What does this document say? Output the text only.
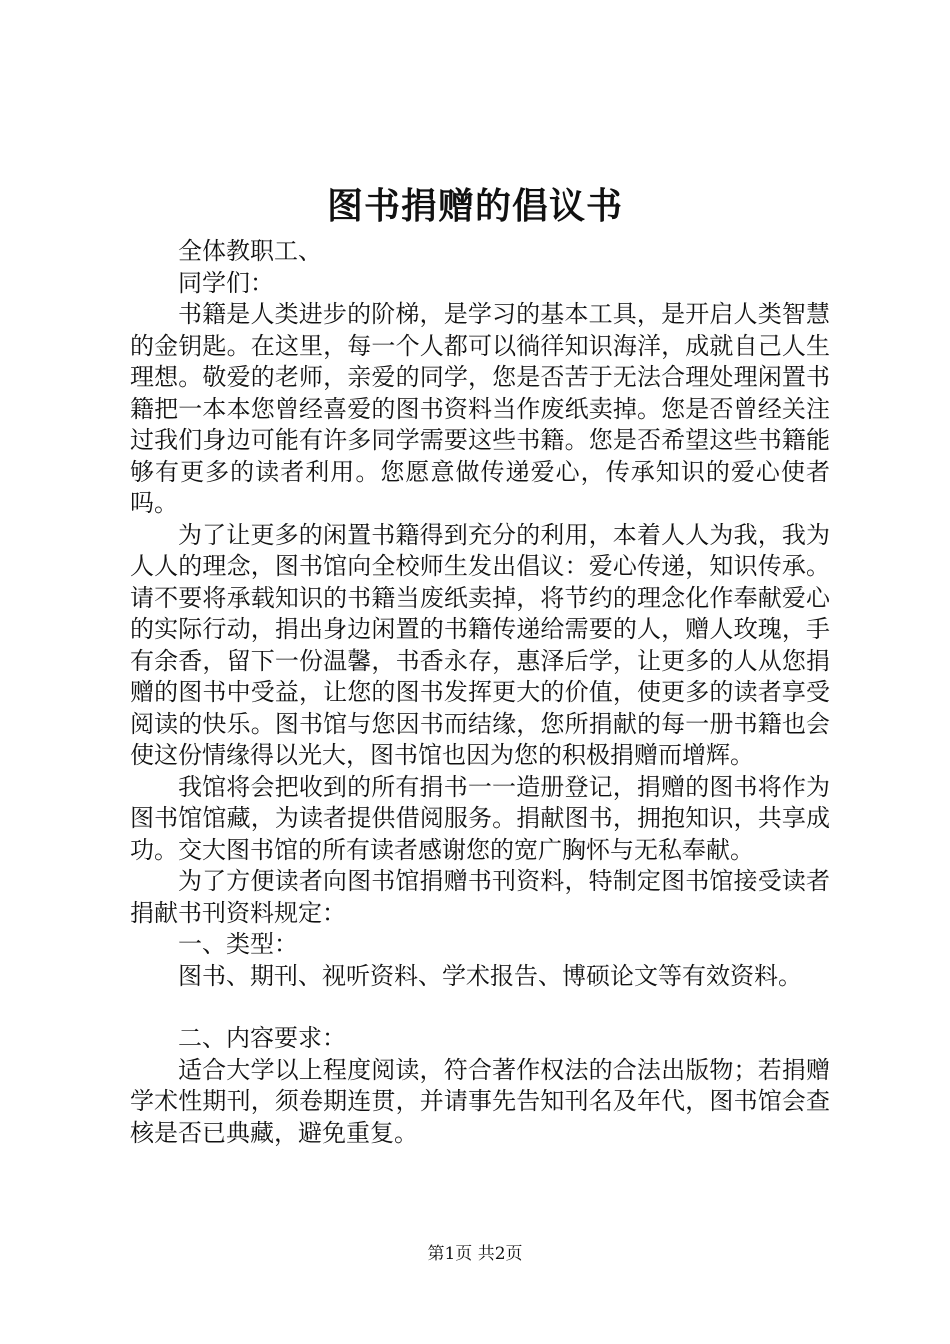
图书捐赠的倡议书

全体教职工、

同学们：

书籍是人类进步的阶梯，是学习的基本工具，是开启人类智慧的金钥匙。在这里，每一个人都可以徜徉知识海洋，成就自己人生理想。敬爱的老师，亲爱的同学，您是否苦于无法合理处理闲置书籍把一本本您曾经喜爱的图书资料当作废纸卖掉。您是否曾经关注过我们身边可能有许多同学需要这些书籍。您是否希望这些书籍能够有更多的读者利用。您愿意做传递爱心，传承知识的爱心使者吗。

为了让更多的闲置书籍得到充分的利用，本着人人为我，我为人人的理念，图书馆向全校师生发出倡议：爱心传递，知识传承。请不要将承载知识的书籍当废纸卖掉，将节约的理念化作奉献爱心的实际行动，捐出身边闲置的书籍传递给需要的人，赠人玫瑰，手有余香，留下一份温馨，书香永存，惠泽后学，让更多的人从您捐赠的图书中受益，让您的图书发挥更大的价值，使更多的读者享受阅读的快乐。图书馆与您因书而结缘，您所捐献的每一册书籍也会使这份情缘得以光大，图书馆也因为您的积极捐赠而增辉。

我馆将会把收到的所有捐书一一造册登记，捐赠的图书将作为图书馆馆藏，为读者提供借阅服务。捐献图书，拥抱知识，共享成功。交大图书馆的所有读者感谢您的宽广胸怀与无私奉献。

为了方便读者向图书馆捐赠书刊资料，特制定图书馆接受读者捐献书刊资料规定：

一、类型：

图书、期刊、视听资料、学术报告、博硕论文等有效资料。

二、内容要求：

适合大学以上程度阅读，符合著作权法的合法出版物；若捐赠学术性期刊，须卷期连贯，并请事先告知刊名及年代，图书馆会查核是否已典藏，避免重复。

第1页 共2页
